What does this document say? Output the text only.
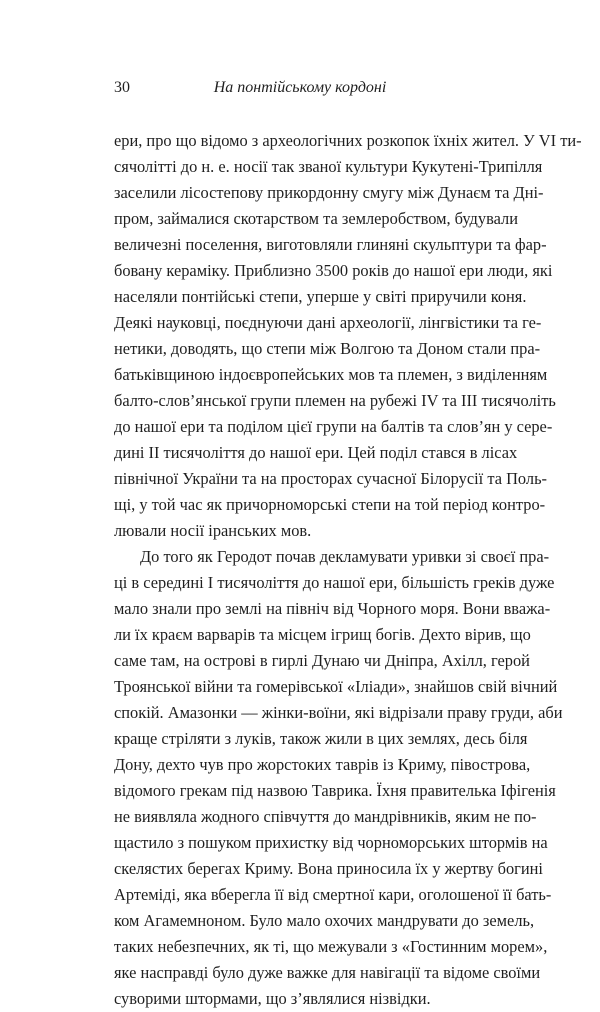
30	На понтійському кордоні
ери, про що відомо з археологічних розкопок їхніх жител. У VI ти-
сячолітті до н. е. носії так званої культури Кукутені-Трипілля
заселили лісостепову прикордонну смугу між Дунаєм та Дні-
пром, займалися скотарством та землеробством, будували
величезні поселення, виготовляли глиняні скульптури та фар-
бовану кераміку. Приблизно 3500 років до нашої ери люди, які
населяли понтійські степи, уперше у світі приручили коня.
Деякі науковці, поєднуючи дані археології, лінгвістики та ге-
нетики, доводять, що степи між Волгою та Доном стали пра-
батьківщиною індоєвропейських мов та племен, з виділенням
балто-слов’янської групи племен на рубежі IV та III тисячоліть
до нашої ери та поділом цієї групи на балтів та слов’ян у сере-
дині II тисячоліття до нашої ери. Цей поділ стався в лісах
північної України та на просторах сучасної Білорусії та Поль-
щі, у той час як причорноморські степи на той період контро-
лювали носії іранських мов.
До того як Геродот почав декламувати уривки зі своєї пра-
ці в середині I тисячоліття до нашої ери, більшість греків дуже
мало знали про землі на північ від Чорного моря. Вони вважа-
ли їх краєм варварів та місцем ігрищ богів. Дехто вірив, що
саме там, на острові в гирлі Дунаю чи Дніпра, Ахілл, герой
Троянської війни та гомерівської «Іліади», знайшов свій вічний
спокій. Амазонки — жінки-воїни, які відрізали праву груди, аби
краще стріляти з луків, також жили в цих землях, десь біля
Дону, дехто чув про жорстоких таврів із Криму, півострова,
відомого грекам під назвою Таврика. Їхня правителька Іфігенія
не виявляла жодного співчуття до мандрівників, яким не по-
щастило з пошуком прихистку від чорноморських штормів на
скелястих берегах Криму. Вона приносила їх у жертву богині
Артеміді, яка вберегла її від смертної кари, оголошеної її бать-
ком Агамемноном. Було мало охочих мандрувати до земель,
таких небезпечних, як ті, що межували з «Гостинним морем»,
яке насправді було дуже важке для навігації та відоме своїми
суворими штормами, що з’являлися нізвідки.
